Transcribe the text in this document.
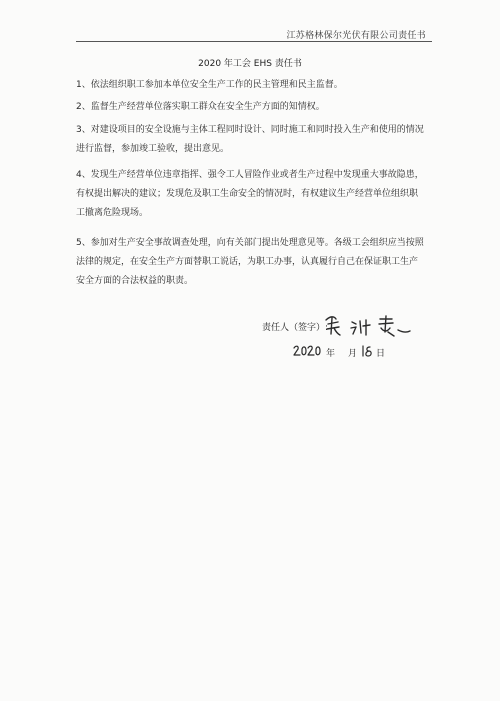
江苏格林保尔光伏有限公司责任书
2020 年工会 EHS 责任书
1、依法组织职工参加本单位安全生产工作的民主管理和民主监督。
2、监督生产经营单位落实职工群众在安全生产方面的知情权。
3、对建设项目的安全设施与主体工程同时设计、同时施工和同时投入生产和使用的情况进行监督，参加竣工验收，提出意见。
4、发现生产经营单位违章指挥、强令工人冒险作业或者生产过程中发现重大事故隐患，有权提出解决的建议；发现危及职工生命安全的情况时，有权建议生产经营单位组织职工撤离危险现场。
5、参加对生产安全事故调查处理，向有关部门提出处理意见等。各级工会组织应当按照法律的规定，在安全生产方面替职工说话，为职工办事，认真履行自己在保证职工生产安全方面的合法权益的职责。
责任人（签字）:
年 月 日
